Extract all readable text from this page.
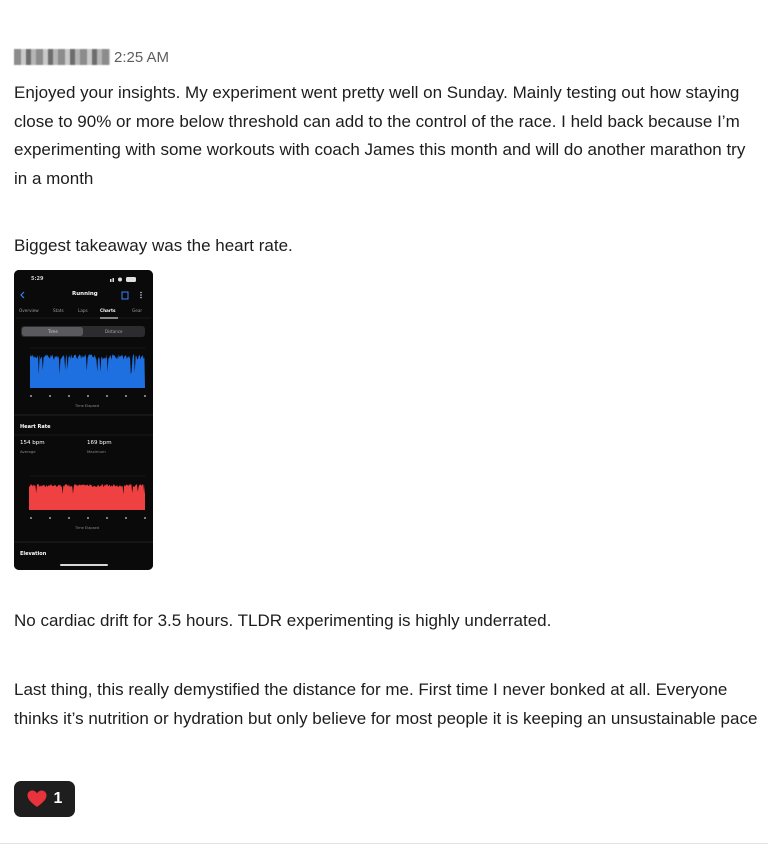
2:25 AM

Enjoyed your insights. My experiment went pretty well on Sunday. Mainly testing out how staying close to 90% or more below threshold can add to the control of the race. I held back because I’m experimenting with some workouts with coach James this month and will do another marathon try in a month

Biggest takeaway was the heart rate.

5:29
Running
Overview	Stats	Laps	Charts	Gear
Time	Distance
Time Elapsed
Heart Rate
154 bpm
Average
169 bpm
Maximum
Time Elapsed
Elevation

No cardiac drift for 3.5 hours. TLDR experimenting is highly underrated.

Last thing, this really demystified the distance for me. First time I never bonked at all. Everyone thinks it’s nutrition or hydration but only believe for most people it is keeping an unsustainable pace

1
